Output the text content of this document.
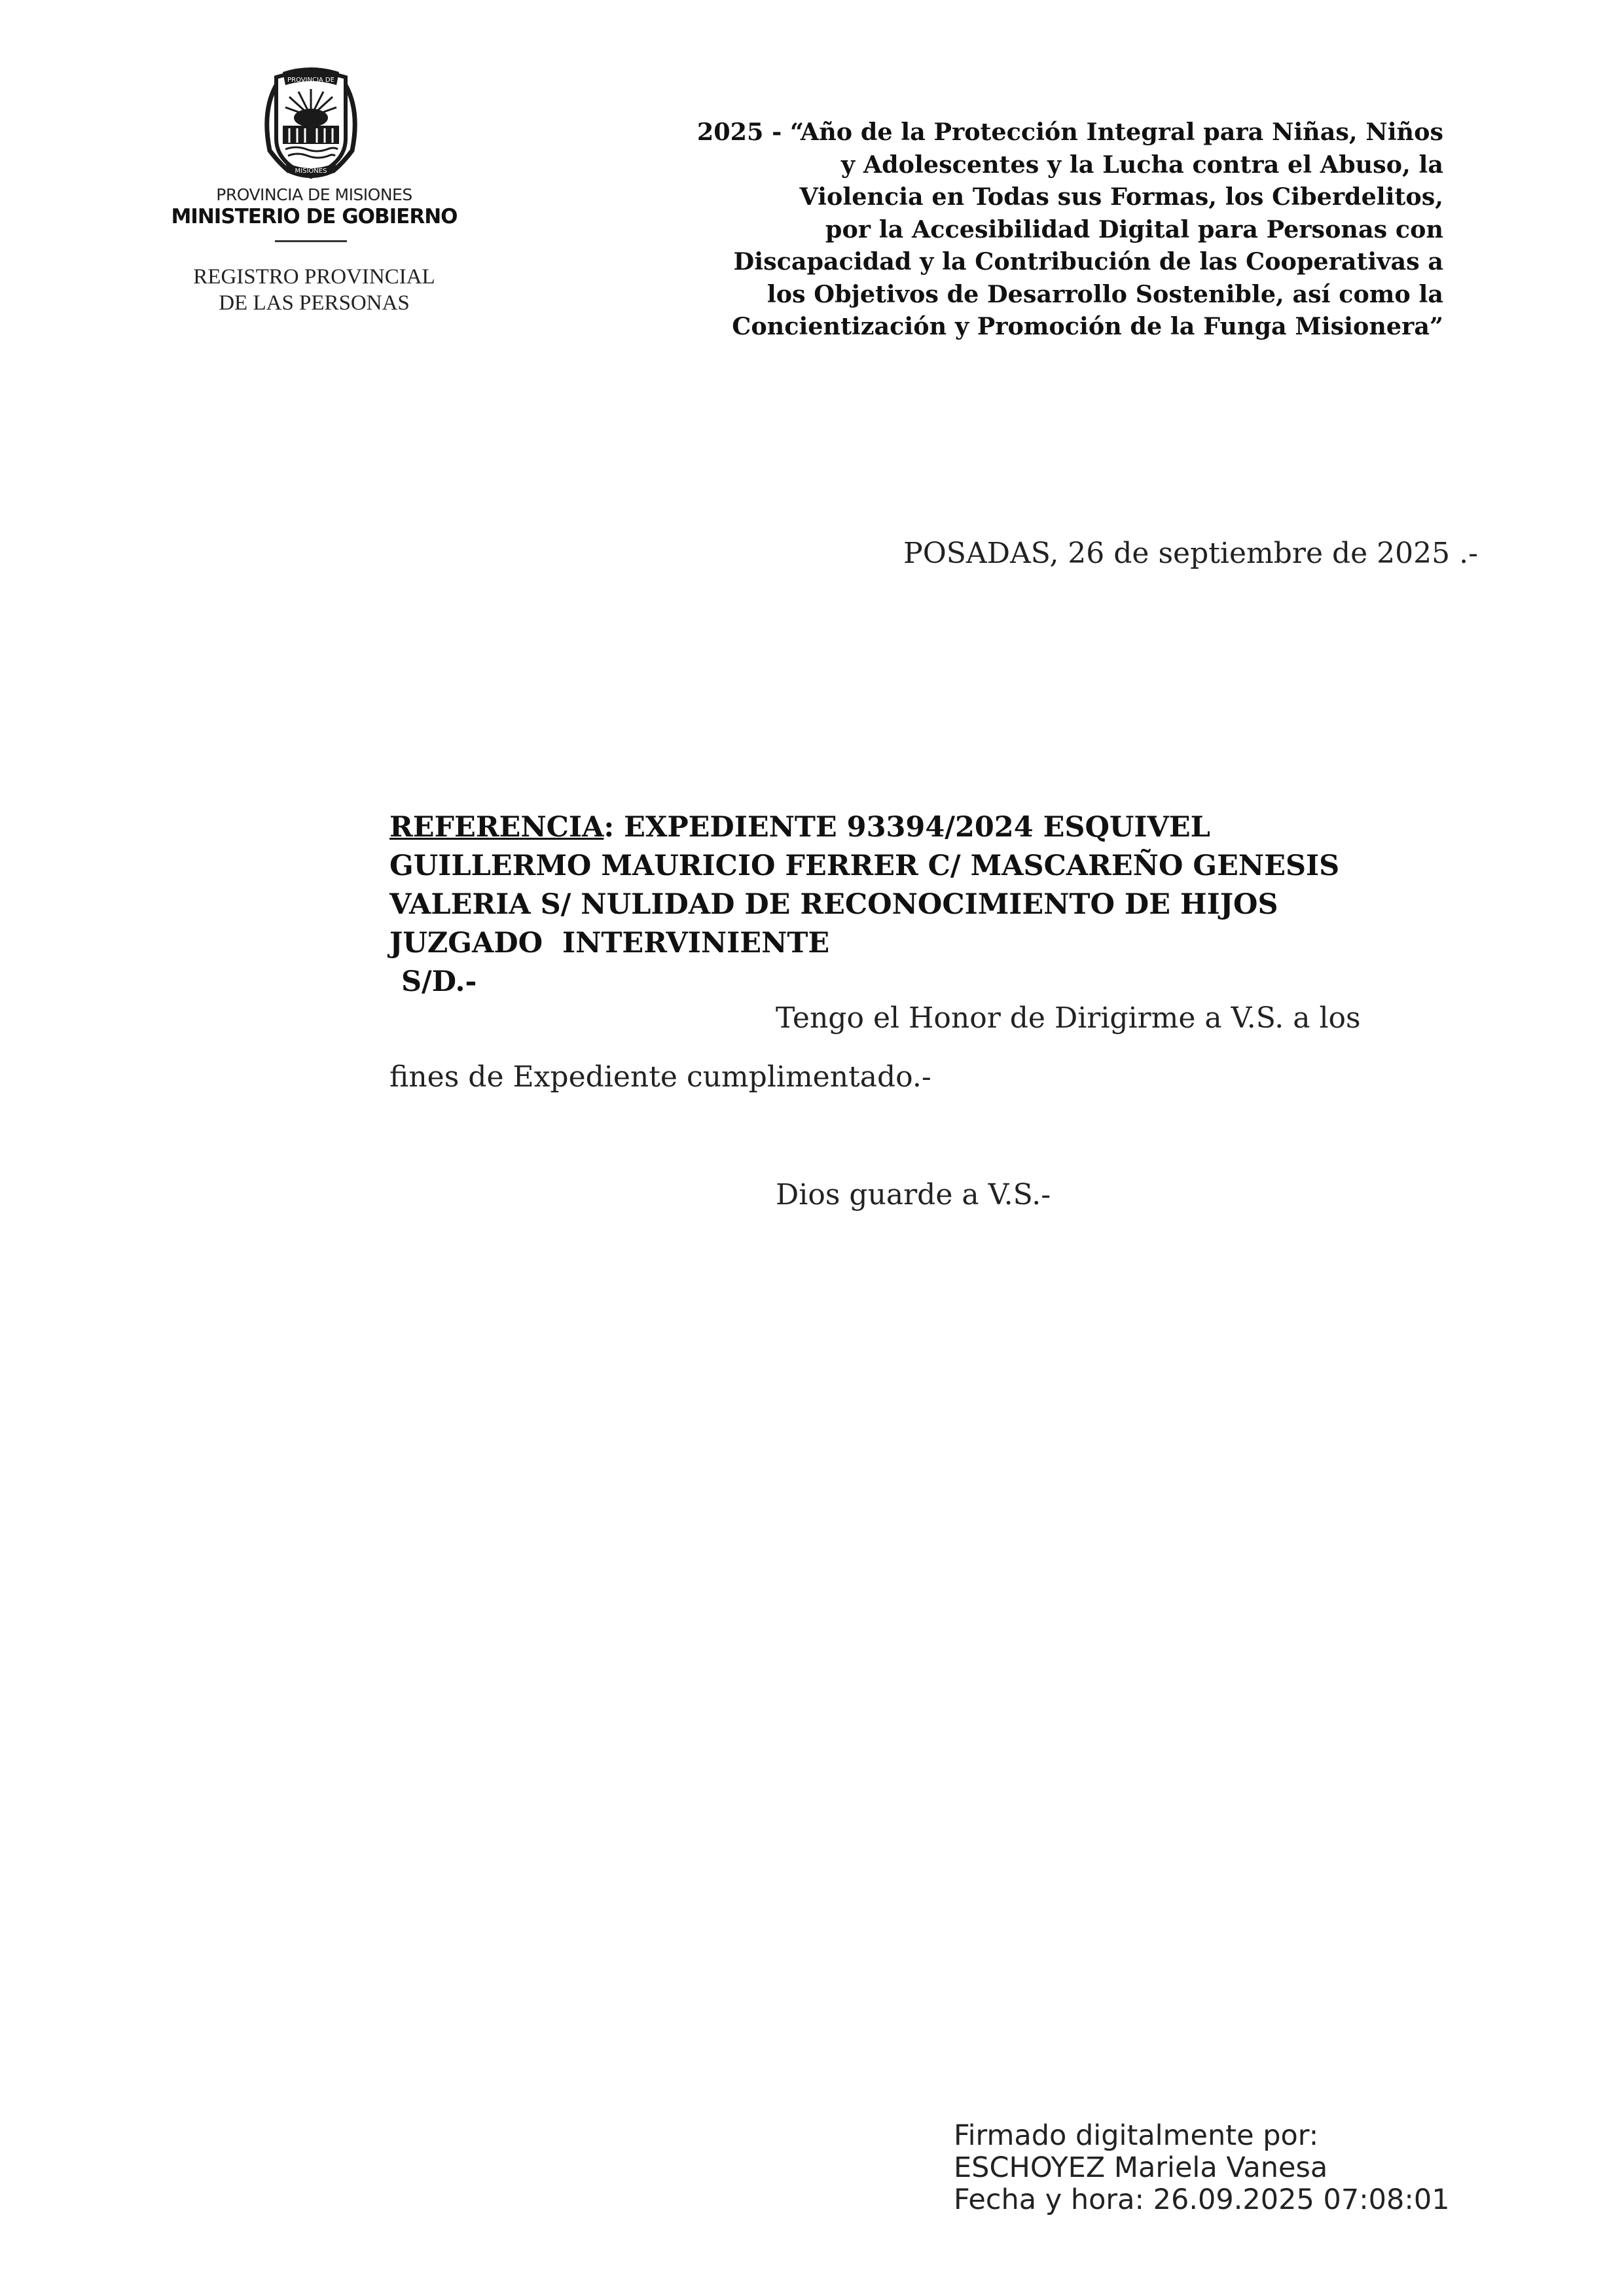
PROVINCIA DE
MISIONES
PROVINCIA DE MISIONES
MINISTERIO DE GOBIERNO
REGISTRO PROVINCIAL
DE LAS PERSONAS
2025 - “Año de la Protección Integral para Niñas, Niños
y Adolescentes y la Lucha contra el Abuso, la
Violencia en Todas sus Formas, los Ciberdelitos,
por la Accesibilidad Digital para Personas con
Discapacidad y la Contribución de las Cooperativas a
los Objetivos de Desarrollo Sostenible, así como la
Concientización y Promoción de la Funga Misionera”
POSADAS, 26 de septiembre de 2025 .-
REFERENCIA: EXPEDIENTE 93394/2024 ESQUIVEL
GUILLERMO MAURICIO FERRER C/ MASCAREÑO GENESIS
VALERIA S/ NULIDAD DE RECONOCIMIENTO DE HIJOS
JUZGADO  INTERVINIENTE
S/D.-
Tengo el Honor de Dirigirme a V.S. a los
fines de Expediente cumplimentado.-
Dios guarde a V.S.-
Firmado digitalmente por:
ESCHOYEZ Mariela Vanesa
Fecha y hora: 26.09.2025 07:08:01
